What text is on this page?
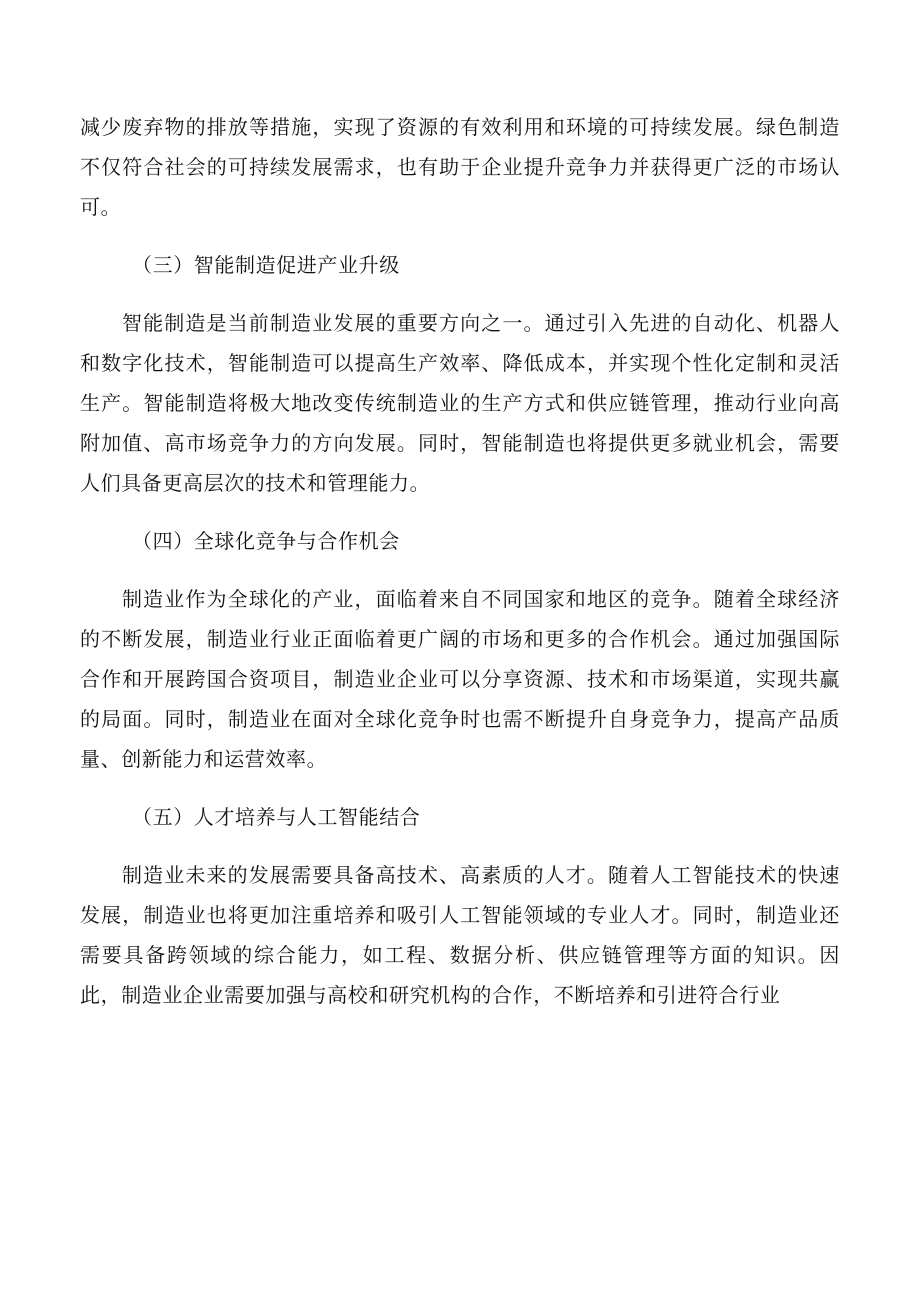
减少废弃物的排放等措施，实现了资源的有效利用和环境的可持续发展。绿色制造不仅符合社会的可持续发展需求，也有助于企业提升竞争力并获得更广泛的市场认可。

（三）智能制造促进产业升级

智能制造是当前制造业发展的重要方向之一。通过引入先进的自动化、机器人和数字化技术，智能制造可以提高生产效率、降低成本，并实现个性化定制和灵活生产。智能制造将极大地改变传统制造业的生产方式和供应链管理，推动行业向高附加值、高市场竞争力的方向发展。同时，智能制造也将提供更多就业机会，需要人们具备更高层次的技术和管理能力。

（四）全球化竞争与合作机会

制造业作为全球化的产业，面临着来自不同国家和地区的竞争。随着全球经济的不断发展，制造业行业正面临着更广阔的市场和更多的合作机会。通过加强国际合作和开展跨国合资项目，制造业企业可以分享资源、技术和市场渠道，实现共赢的局面。同时，制造业在面对全球化竞争时也需不断提升自身竞争力，提高产品质量、创新能力和运营效率。

（五）人才培养与人工智能结合

制造业未来的发展需要具备高技术、高素质的人才。随着人工智能技术的快速发展，制造业也将更加注重培养和吸引人工智能领域的专业人才。同时，制造业还需要具备跨领域的综合能力，如工程、数据分析、供应链管理等方面的知识。因此，制造业企业需要加强与高校和研究机构的合作，不断培养和引进符合行业
